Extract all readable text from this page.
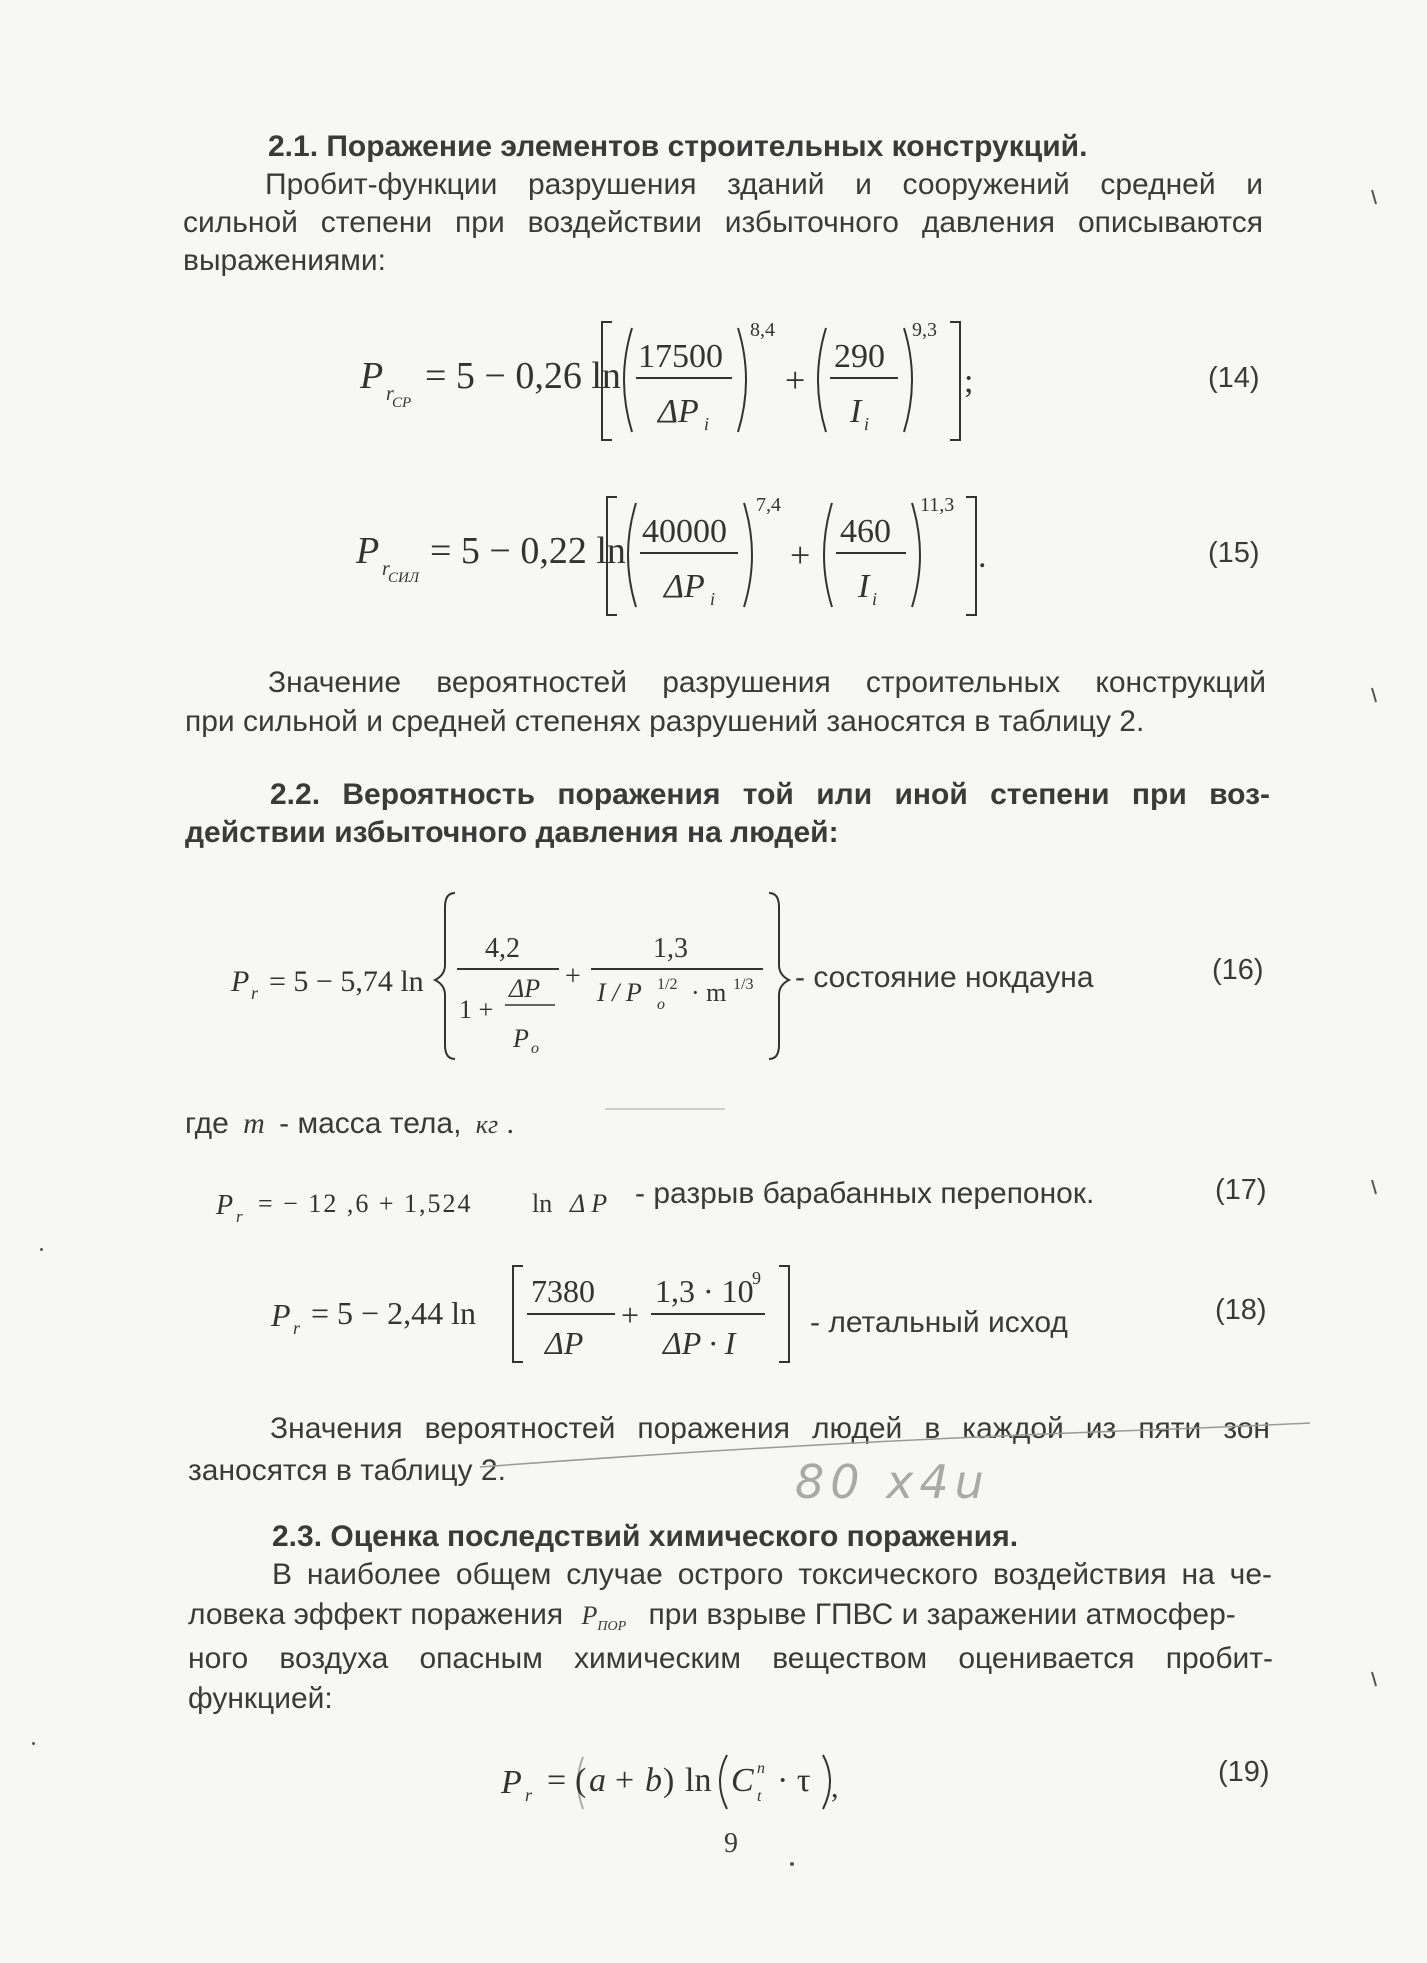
2.1. Поражение элементов строительных конструкций.
Пробит-функции разрушения зданий и сооружений средней и
сильной степени при воздействии избыточного давления описываются
выражениями:
P r
СР
= 5 − 0,26 ln 17500
ΔP i
8,4
+
290
I i
9,3
;	(14)
P r
СИЛ
= 5 − 0,22 ln 40000
ΔP i
7,4
+
460
I i
11,3
.	(15)
Значение вероятностей разрушения строительных конструкций
при сильной и средней степенях разрушений заносятся в таблицу 2.
2.2. Вероятность поражения той или иной степени при воз-
действии избыточного давления на людей:
P r = 5 − 5,74 ln
4,2
1 +
ΔP
P o
+
1,3
I / P 1/2
o · m 1/3 - состояние нокдауна	(16)
где m - масса тела, кг .
P r = − 12 ,6 + 1,524 ln Δ P - разрыв барабанных перепонок.	(17)
P r = 5 − 2,44 ln
7380
ΔP
+
1,3 · 10
9
ΔP · I
- летальный исход	(18)
Значения вероятностей поражения людей в каждой из пяти зон
заносятся в таблицу 2.	80 x4u
2.3. Оценка последствий химического поражения.
В наиболее общем случае острого токсического воздействия на че-
ловека эффект поражения $P_{ПОР}$ при взрыве ГПВС и заражении атмосфер-
ного воздуха опасным химическим веществом оценивается пробит-
функцией:
P r = ( a + b ) ln C n
t · τ ,	(19)
9
